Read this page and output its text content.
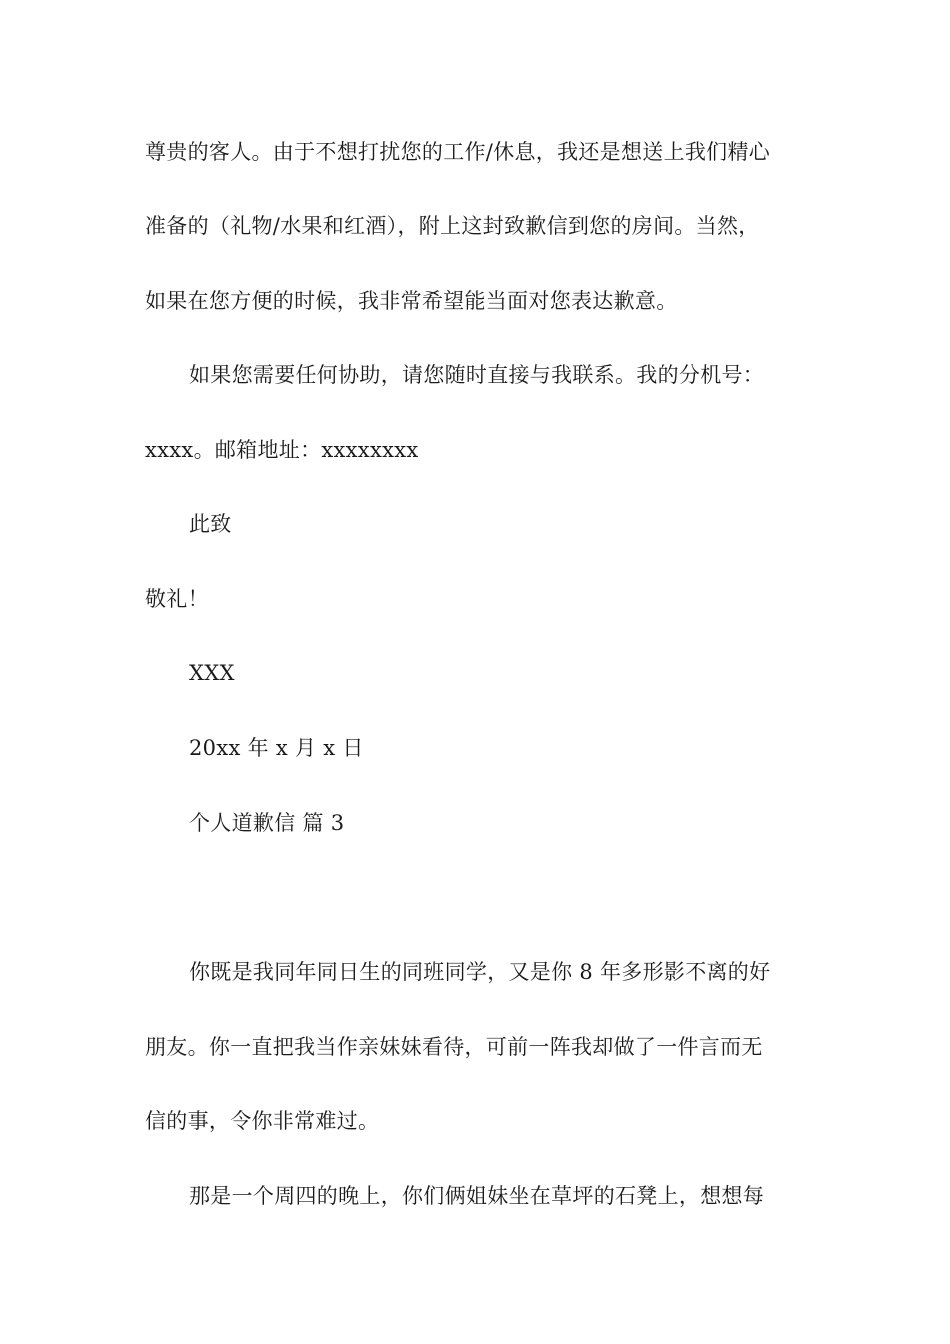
尊贵的客人。由于不想打扰您的工作/休息，我还是想送上我们精心
准备的（礼物/水果和红酒），附上这封致歉信到您的房间。当然，
如果在您方便的时候，我非常希望能当面对您表达歉意。
如果您需要任何协助，请您随时直接与我联系。我的分机号：
xxxx。邮箱地址：xxxxxxxx
此致
敬礼！
XXX
20xx 年 x 月 x 日
个人道歉信 篇 3
你既是我同年同日生的同班同学，又是你 8 年多形影不离的好
朋友。你一直把我当作亲妹妹看待，可前一阵我却做了一件言而无
信的事，令你非常难过。
那是一个周四的晚上，你们俩姐妹坐在草坪的石凳上，想想每
